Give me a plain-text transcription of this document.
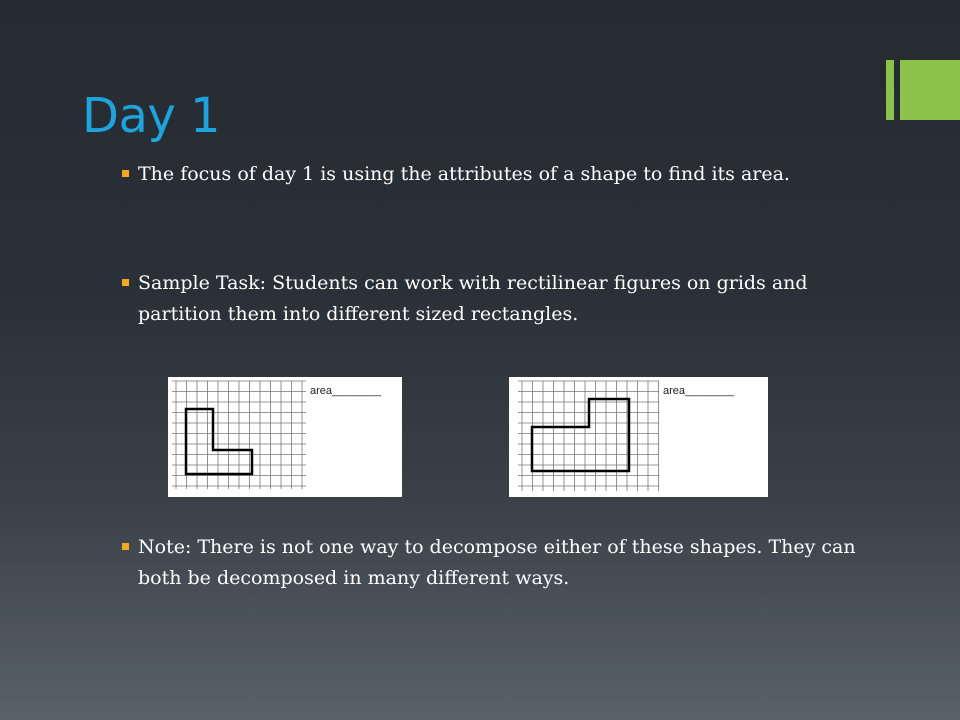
Day 1
The focus of day 1 is using the attributes of a shape to find its area.
Sample Task: Students can work with rectilinear figures on grids and partition them into different sized rectangles.
area________	area________
Note: There is not one way to decompose either of these shapes. They can both be decomposed in many different ways.
